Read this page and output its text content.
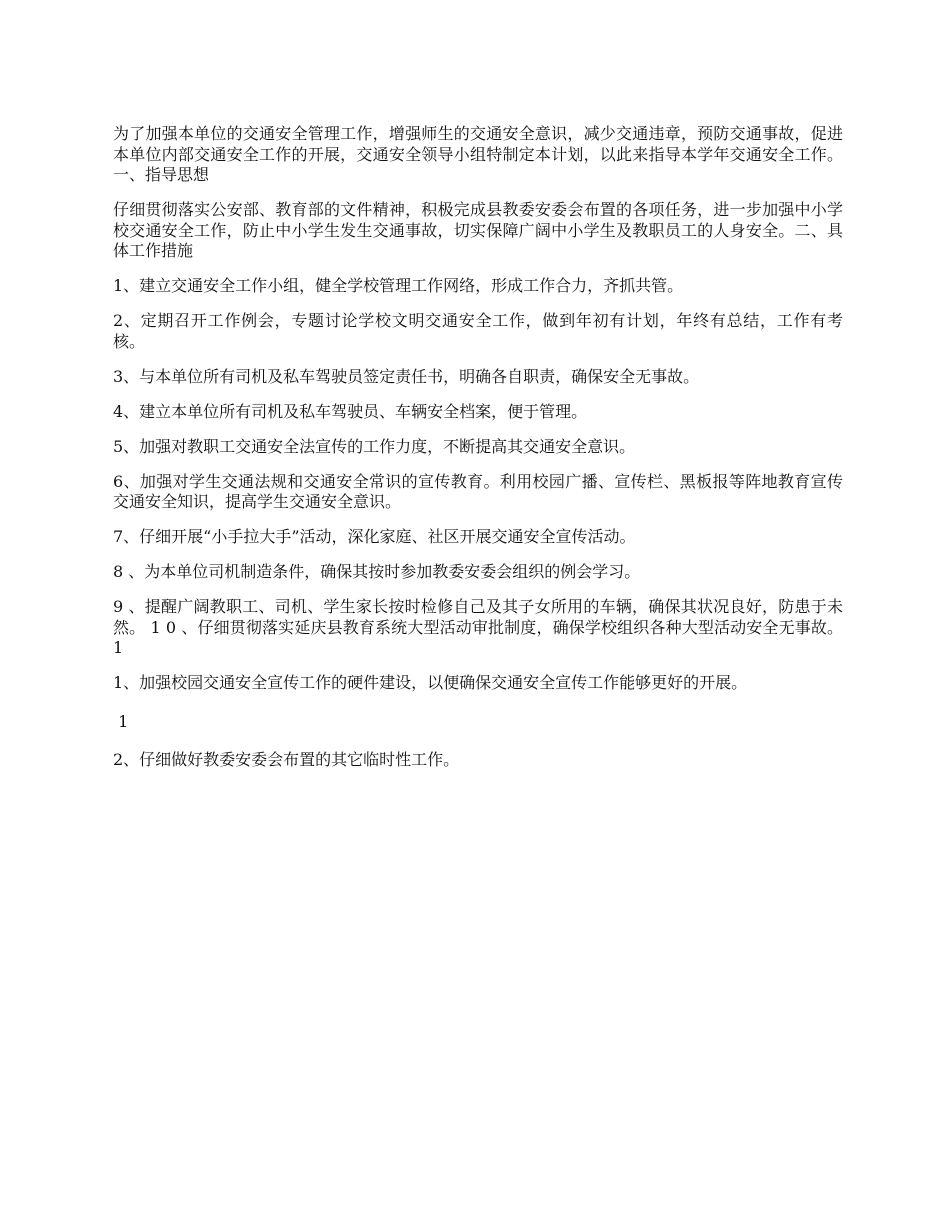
为了加强本单位的交通安全管理工作，增强师生的交通安全意识，减少交通违章，预防交通事故，促进本单位内部交通安全工作的开展，交通安全领导小组特制定本计划，以此来指导本学年交通安全工作。一、指导思想

仔细贯彻落实公安部、教育部的文件精神，积极完成县教委安委会布置的各项任务，进一步加强中小学校交通安全工作，防止中小学生发生交通事故，切实保障广阔中小学生及教职员工的人身安全。二、具体工作措施

1、建立交通安全工作小组，健全学校管理工作网络，形成工作合力，齐抓共管。

2、定期召开工作例会，专题讨论学校文明交通安全工作，做到年初有计划，年终有总结，工作有考核。

3、与本单位所有司机及私车驾驶员签定责任书，明确各自职责，确保安全无事故。

4、建立本单位所有司机及私车驾驶员、车辆安全档案，便于管理。

5、加强对教职工交通安全法宣传的工作力度，不断提高其交通安全意识。

6、加强对学生交通法规和交通安全常识的宣传教育。利用校园广播、宣传栏、黑板报等阵地教育宣传交通安全知识，提高学生交通安全意识。

7、仔细开展“小手拉大手”活动，深化家庭、社区开展交通安全宣传活动。

8 、为本单位司机制造条件，确保其按时参加教委安委会组织的例会学习。

9 、提醒广阔教职工、司机、学生家长按时检修自己及其子女所用的车辆，确保其状况良好，防患于未然。 1 0 、仔细贯彻落实延庆县教育系统大型活动审批制度，确保学校组织各种大型活动安全无事故。 1

1、加强校园交通安全宣传工作的硬件建设，以便确保交通安全宣传工作能够更好的开展。

1

2、仔细做好教委安委会布置的其它临时性工作。
